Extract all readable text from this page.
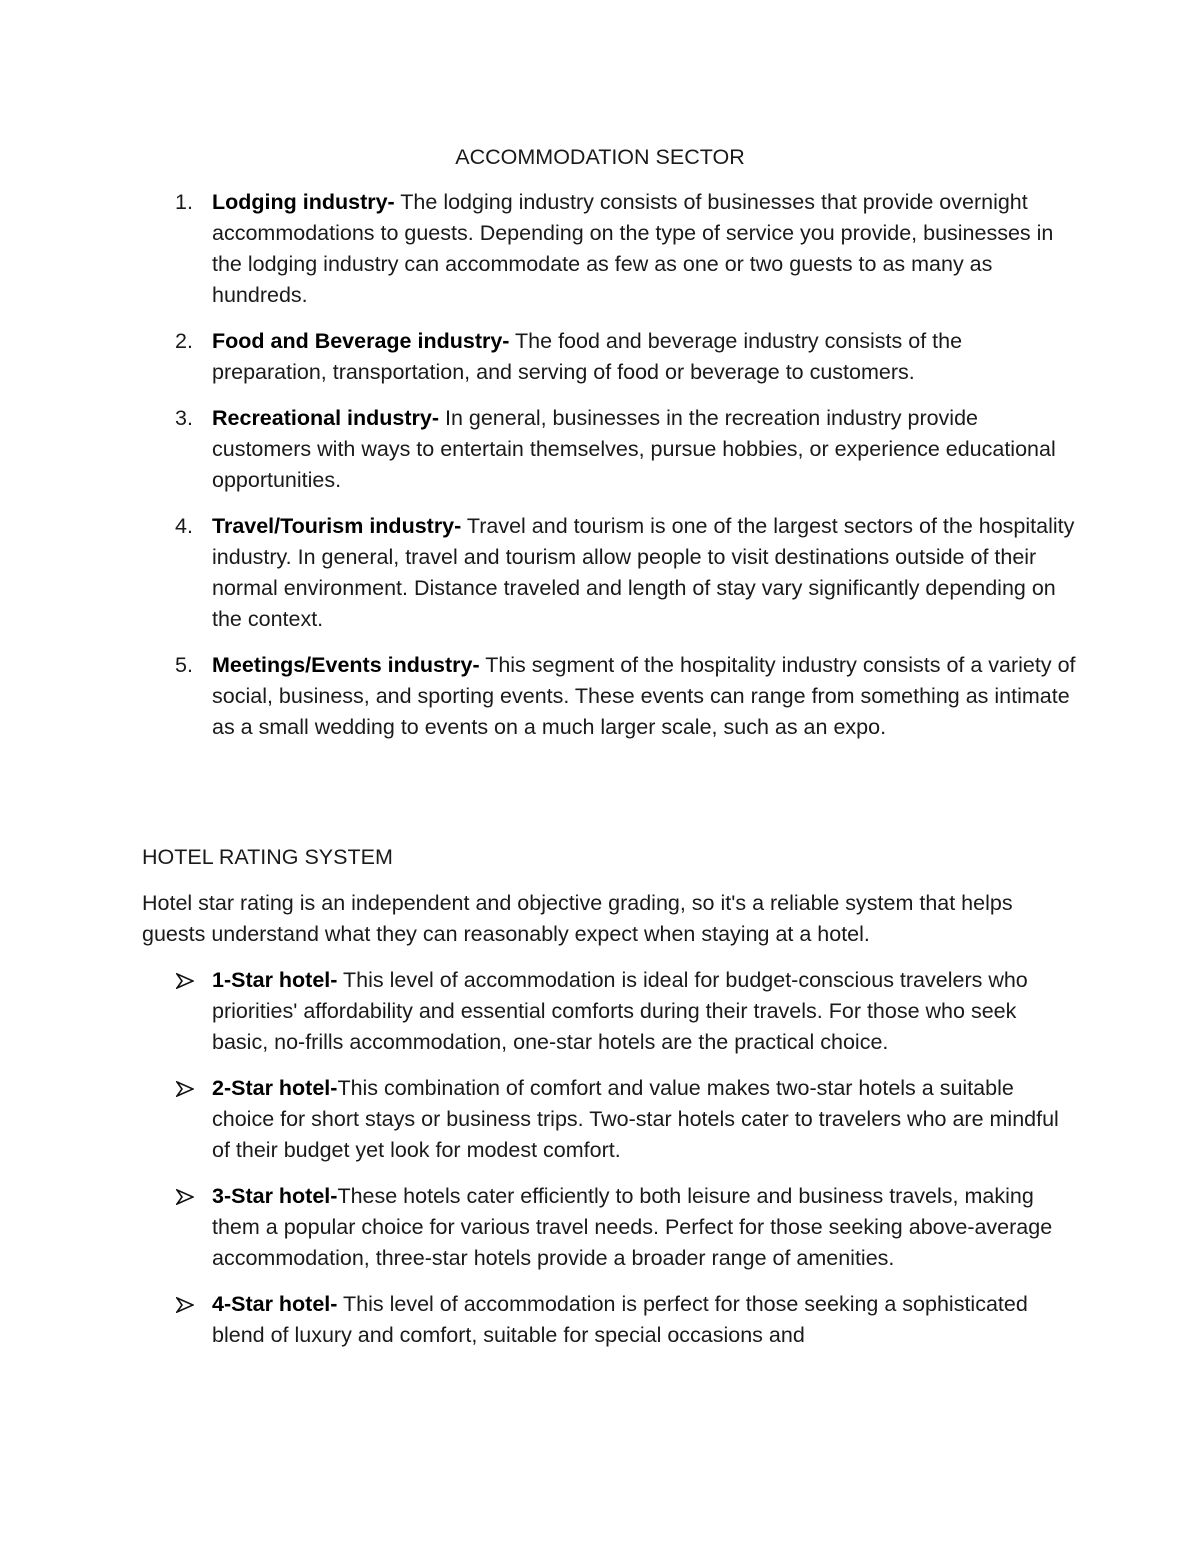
ACCOMMODATION SECTOR
1. Lodging industry- The lodging industry consists of businesses that provide overnight accommodations to guests. Depending on the type of service you provide, businesses in the lodging industry can accommodate as few as one or two guests to as many as hundreds.
2. Food and Beverage industry- The food and beverage industry consists of the preparation, transportation, and serving of food or beverage to customers.
3. Recreational industry- In general, businesses in the recreation industry provide customers with ways to entertain themselves, pursue hobbies, or experience educational opportunities.
4. Travel/Tourism industry- Travel and tourism is one of the largest sectors of the hospitality industry. In general, travel and tourism allow people to visit destinations outside of their normal environment. Distance traveled and length of stay vary significantly depending on the context.
5. Meetings/Events industry- This segment of the hospitality industry consists of a variety of social, business, and sporting events. These events can range from something as intimate as a small wedding to events on a much larger scale, such as an expo.
HOTEL RATING SYSTEM

Hotel star rating is an independent and objective grading, so it's a reliable system that helps guests understand what they can reasonably expect when staying at a hotel.

1-Star hotel- This level of accommodation is ideal for budget-conscious travelers who priorities' affordability and essential comforts during their travels. For those who seek basic, no-frills accommodation, one-star hotels are the practical choice.
2-Star hotel-This combination of comfort and value makes two-star hotels a suitable choice for short stays or business trips. Two-star hotels cater to travelers who are mindful of their budget yet look for modest comfort.
3-Star hotel-These hotels cater efficiently to both leisure and business travels, making them a popular choice for various travel needs. Perfect for those seeking above-average accommodation, three-star hotels provide a broader range of amenities.
4-Star hotel- This level of accommodation is perfect for those seeking a sophisticated blend of luxury and comfort, suitable for special occasions and
